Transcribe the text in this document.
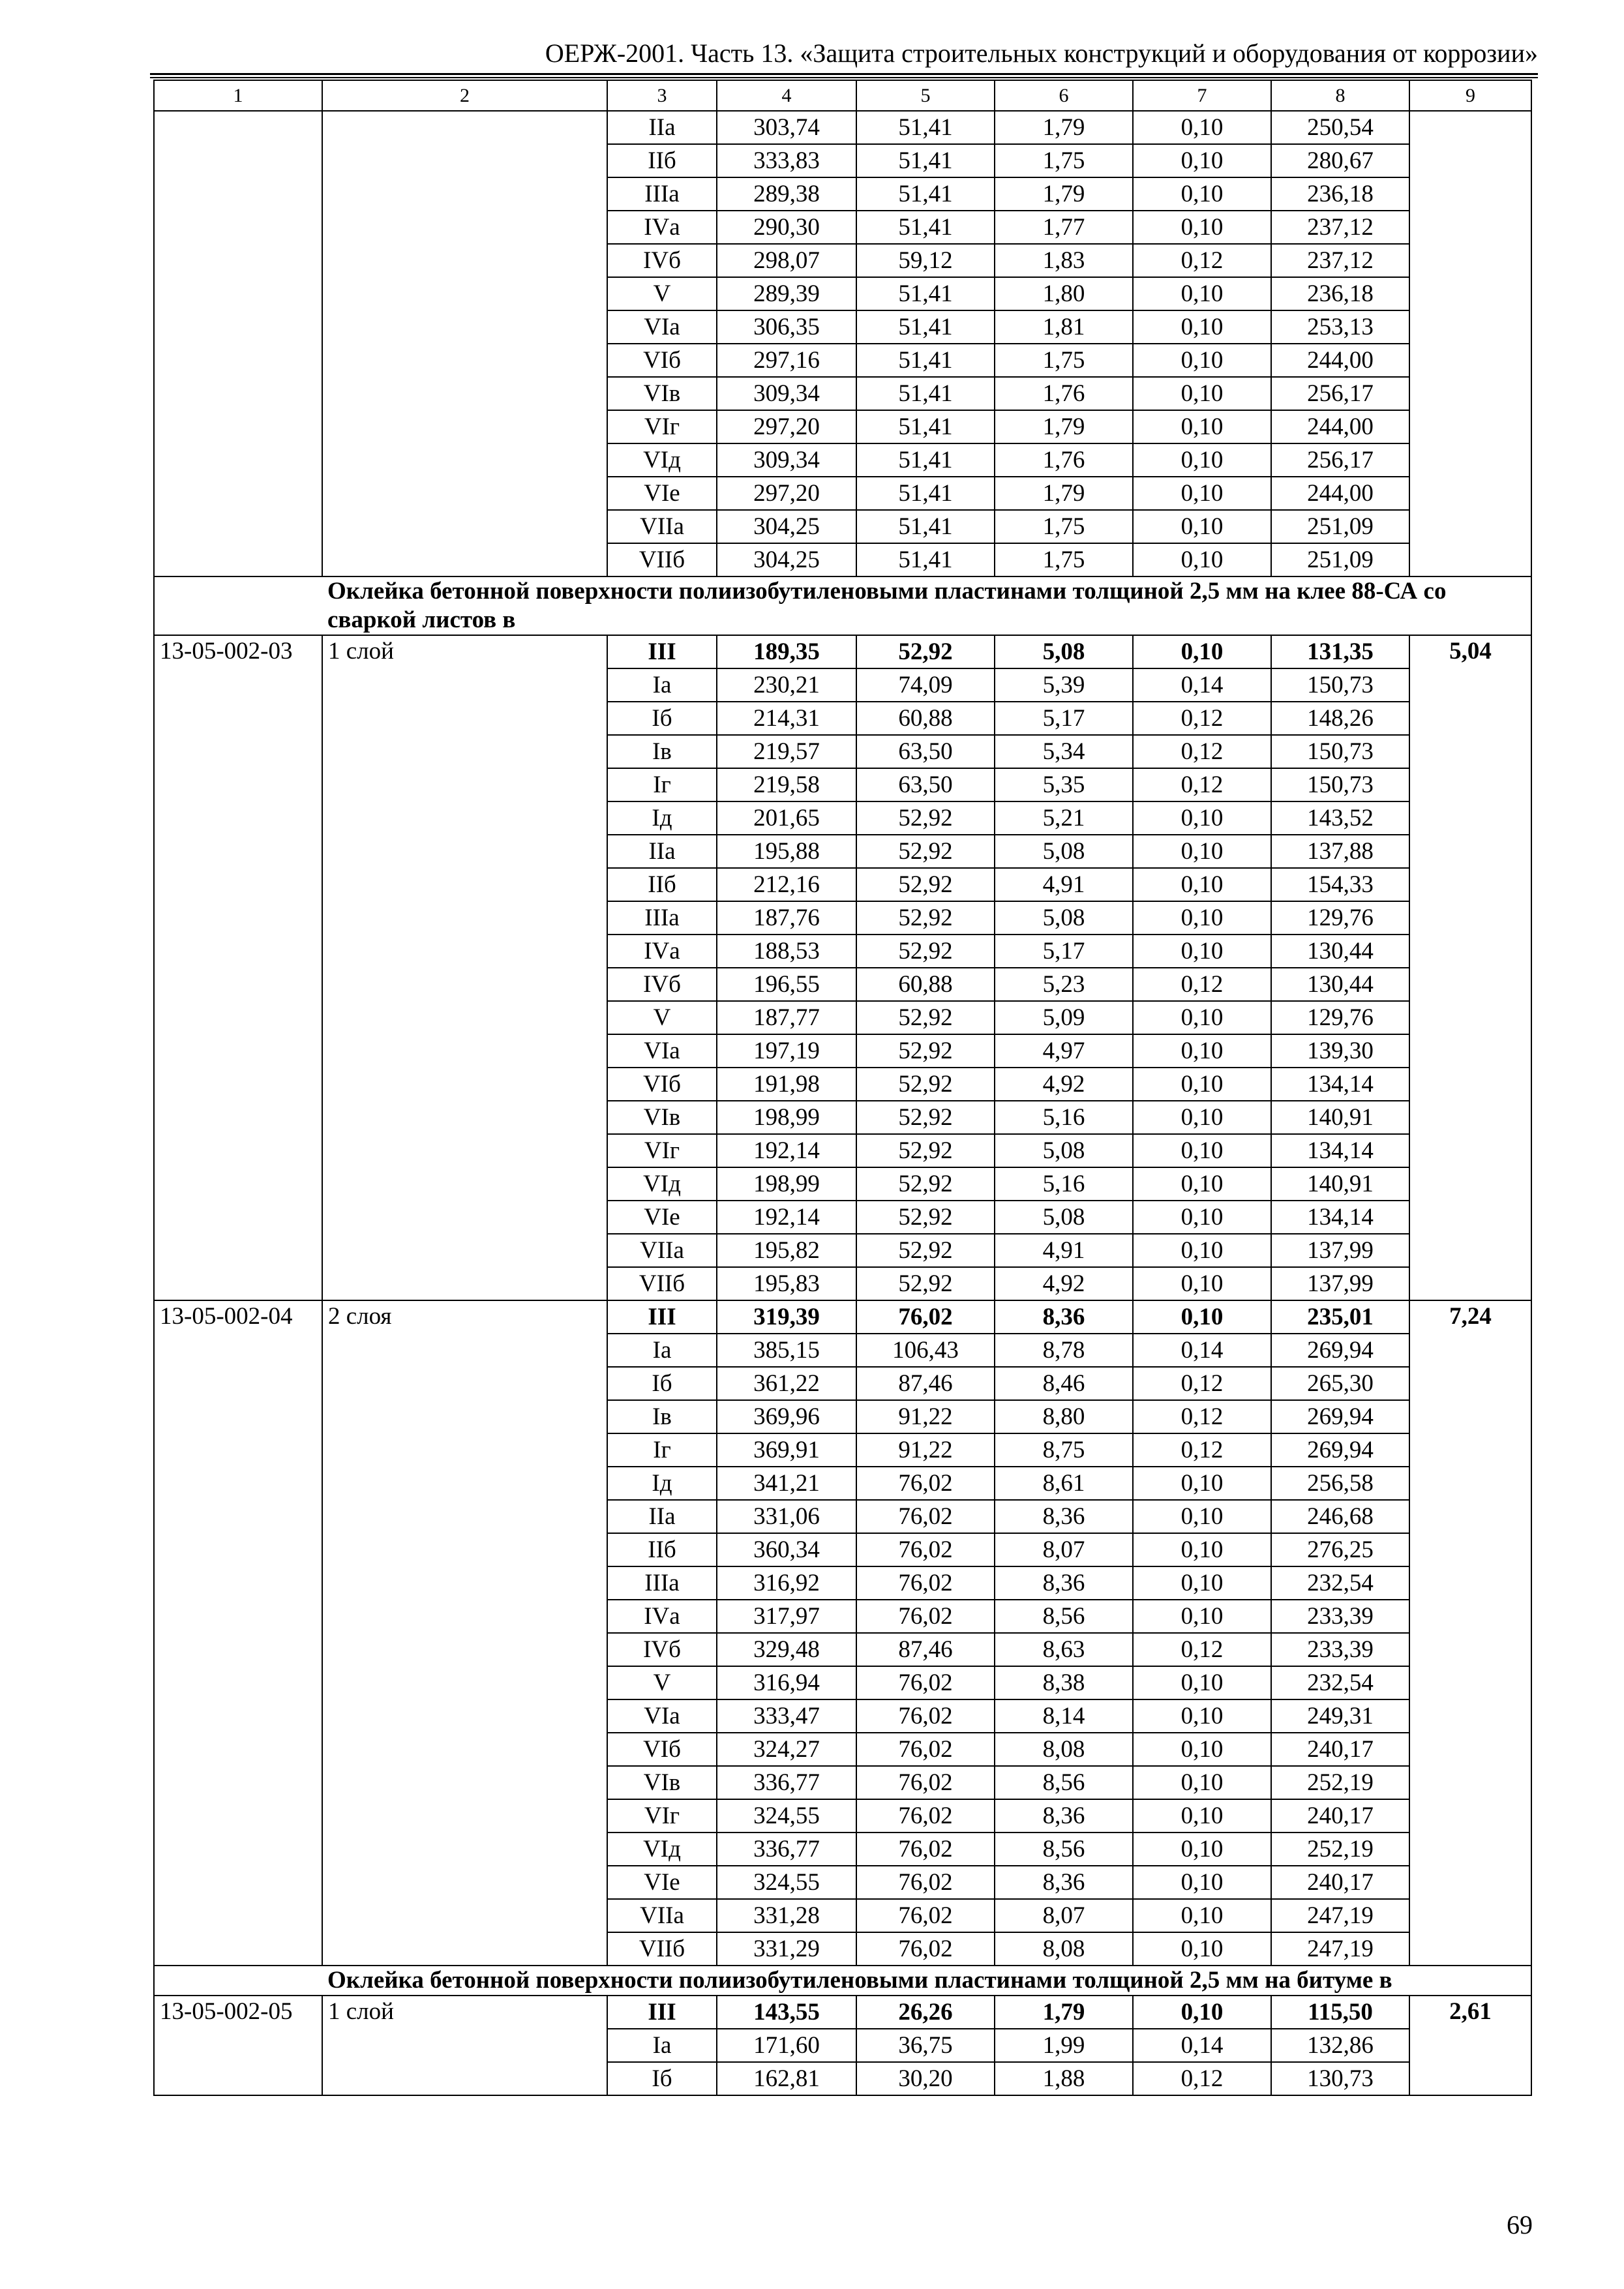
ОЕРЖ-2001. Часть 13. «Защита строительных конструкций и оборудования от коррозии»
1	2	3	4	5	6	7	8	9
		IIа	303,74	51,41	1,79	0,10	250,54	
		IIб	333,83	51,41	1,75	0,10	280,67	
		IIIа	289,38	51,41	1,79	0,10	236,18	
		IVа	290,30	51,41	1,77	0,10	237,12	
		IVб	298,07	59,12	1,83	0,12	237,12	
		V	289,39	51,41	1,80	0,10	236,18	
		VIа	306,35	51,41	1,81	0,10	253,13	
		VIб	297,16	51,41	1,75	0,10	244,00	
		VIв	309,34	51,41	1,76	0,10	256,17	
		VIг	297,20	51,41	1,79	0,10	244,00	
		VIд	309,34	51,41	1,76	0,10	256,17	
		VIе	297,20	51,41	1,79	0,10	244,00	
		VIIа	304,25	51,41	1,75	0,10	251,09	
		VIIб	304,25	51,41	1,75	0,10	251,09	
	Оклейка бетонной поверхности полиизобутиленовыми пластинами толщиной 2,5 мм на клее 88-СА со сваркой листов в							
13-05-002-03	1 слой	III	189,35	52,92	5,08	0,10	131,35	5,04
		Iа	230,21	74,09	5,39	0,14	150,73	
		Iб	214,31	60,88	5,17	0,12	148,26	
		Iв	219,57	63,50	5,34	0,12	150,73	
		Iг	219,58	63,50	5,35	0,12	150,73	
		Iд	201,65	52,92	5,21	0,10	143,52	
		IIа	195,88	52,92	5,08	0,10	137,88	
		IIб	212,16	52,92	4,91	0,10	154,33	
		IIIа	187,76	52,92	5,08	0,10	129,76	
		IVа	188,53	52,92	5,17	0,10	130,44	
		IVб	196,55	60,88	5,23	0,12	130,44	
		V	187,77	52,92	5,09	0,10	129,76	
		VIа	197,19	52,92	4,97	0,10	139,30	
		VIб	191,98	52,92	4,92	0,10	134,14	
		VIв	198,99	52,92	5,16	0,10	140,91	
		VIг	192,14	52,92	5,08	0,10	134,14	
		VIд	198,99	52,92	5,16	0,10	140,91	
		VIе	192,14	52,92	5,08	0,10	134,14	
		VIIа	195,82	52,92	4,91	0,10	137,99	
		VIIб	195,83	52,92	4,92	0,10	137,99	
13-05-002-04	2 слоя	III	319,39	76,02	8,36	0,10	235,01	7,24
		Iа	385,15	106,43	8,78	0,14	269,94	
		Iб	361,22	87,46	8,46	0,12	265,30	
		Iв	369,96	91,22	8,80	0,12	269,94	
		Iг	369,91	91,22	8,75	0,12	269,94	
		Iд	341,21	76,02	8,61	0,10	256,58	
		IIа	331,06	76,02	8,36	0,10	246,68	
		IIб	360,34	76,02	8,07	0,10	276,25	
		IIIа	316,92	76,02	8,36	0,10	232,54	
		IVа	317,97	76,02	8,56	0,10	233,39	
		IVб	329,48	87,46	8,63	0,12	233,39	
		V	316,94	76,02	8,38	0,10	232,54	
		VIа	333,47	76,02	8,14	0,10	249,31	
		VIб	324,27	76,02	8,08	0,10	240,17	
		VIв	336,77	76,02	8,56	0,10	252,19	
		VIг	324,55	76,02	8,36	0,10	240,17	
		VIд	336,77	76,02	8,56	0,10	252,19	
		VIе	324,55	76,02	8,36	0,10	240,17	
		VIIа	331,28	76,02	8,07	0,10	247,19	
		VIIб	331,29	76,02	8,08	0,10	247,19	
	Оклейка бетонной поверхности полиизобутиленовыми пластинами толщиной 2,5 мм на битуме в							
13-05-002-05	1 слой	III	143,55	26,26	1,79	0,10	115,50	2,61
		Iа	171,60	36,75	1,99	0,14	132,86	
		Iб	162,81	30,20	1,88	0,12	130,73	
69
